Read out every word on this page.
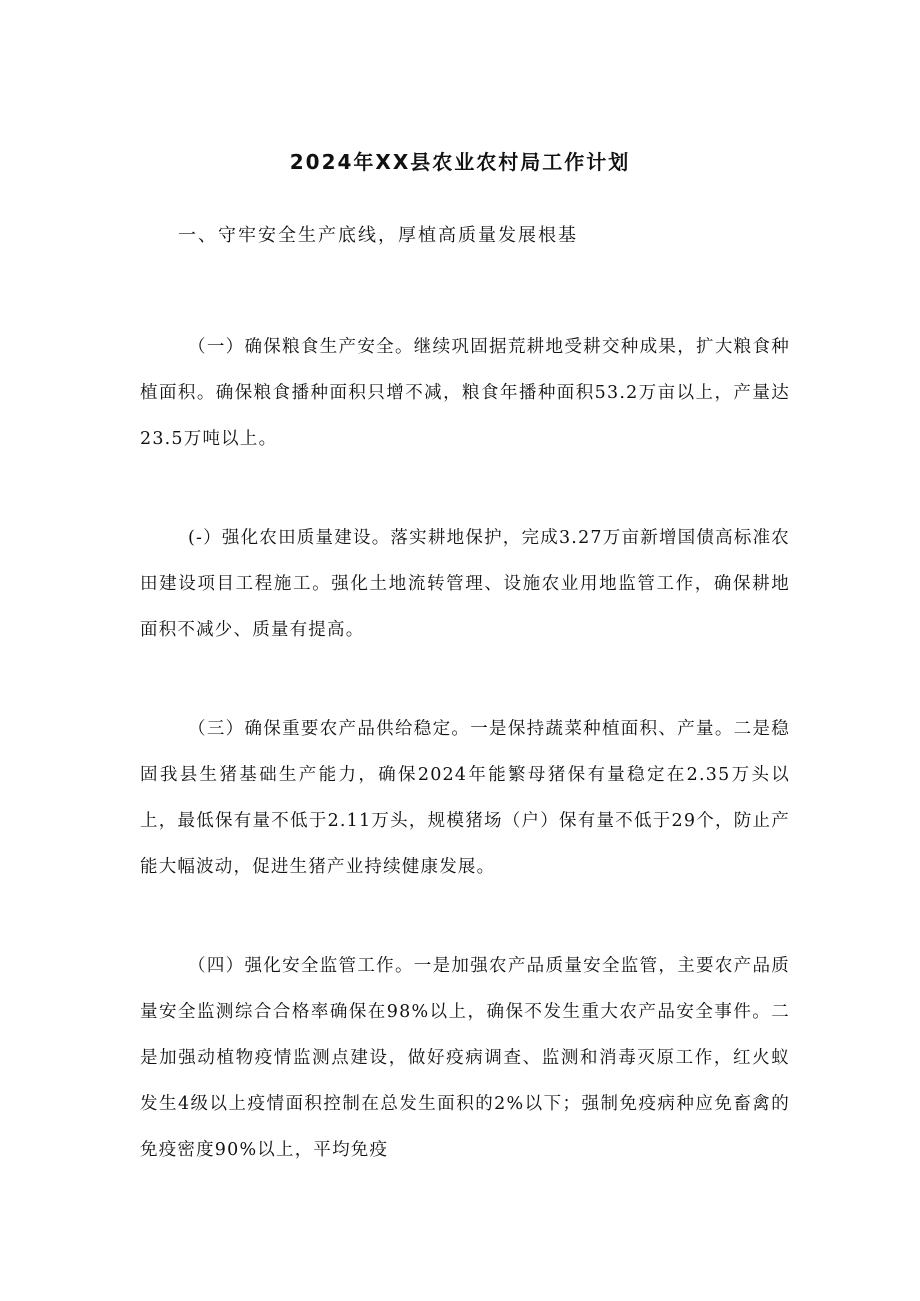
2024年XX县农业农村局工作计划
一、守牢安全生产底线，厚植高质量发展根基

（一）确保粮食生产安全。继续巩固据荒耕地受耕交种成果，扩大粮食种植面积。确保粮食播种面积只增不减，粮食年播种面积53.2万亩以上，产量达23.5万吨以上。

(-）强化农田质量建设。落实耕地保护，完成3.27万亩新增国债高标准农田建设项目工程施工。强化土地流转管理、设施农业用地监管工作，确保耕地面积不减少、质量有提高。

（三）确保重要农产品供给稳定。一是保持蔬菜种植面积、产量。二是稳固我县生猪基础生产能力，确保2024年能繁母猪保有量稳定在2.35万头以上，最低保有量不低于2.11万头，规模猪场（户）保有量不低于29个，防止产能大幅波动，促进生猪产业持续健康发展。

（四）强化安全监管工作。一是加强农产品质量安全监管，主要农产品质量安全监测综合合格率确保在98%以上，确保不发生重大农产品安全事件。二是加强动植物疫情监测点建设，做好疫病调查、监测和消毒灭原工作，红火蚁发生4级以上疫情面积控制在总发生面积的2%以下；强制免疫病种应免畜禽的免疫密度90%以上，平均免疫
